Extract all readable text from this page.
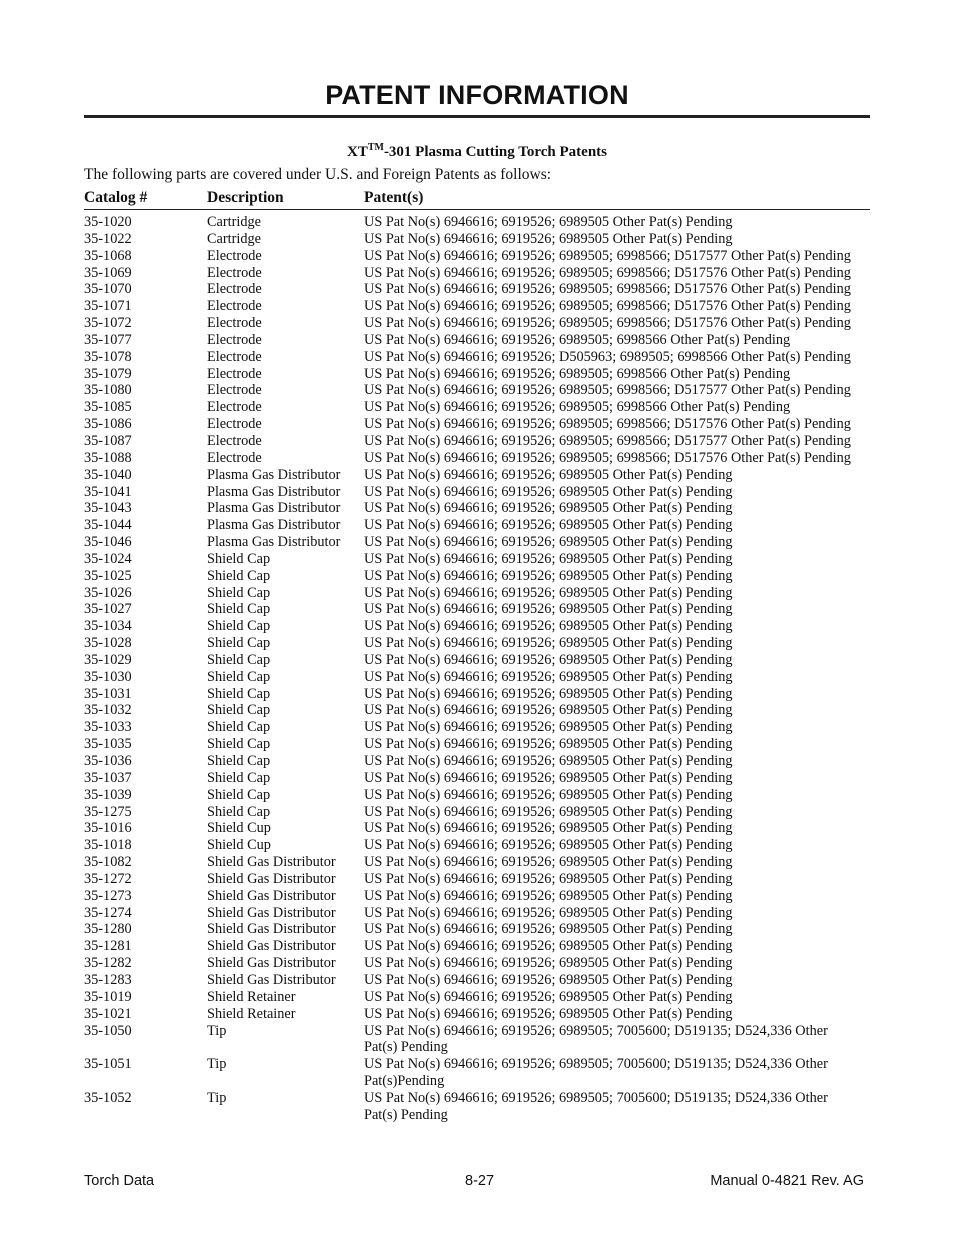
PATENT INFORMATION
XT™-301 Plasma Cutting Torch Patents
The following parts are covered under U.S. and Foreign Patents as follows:
Catalog #	Description	Patent(s)
35-1020	Cartridge	US Pat No(s) 6946616; 6919526; 6989505 Other Pat(s) Pending
35-1022	Cartridge	US Pat No(s) 6946616; 6919526; 6989505 Other Pat(s) Pending
35-1068	Electrode	US Pat No(s) 6946616; 6919526; 6989505; 6998566; D517577 Other Pat(s) Pending
35-1069	Electrode	US Pat No(s) 6946616; 6919526; 6989505; 6998566; D517576 Other Pat(s) Pending
35-1070	Electrode	US Pat No(s) 6946616; 6919526; 6989505; 6998566; D517576 Other Pat(s) Pending
35-1071	Electrode	US Pat No(s) 6946616; 6919526; 6989505; 6998566; D517576 Other Pat(s) Pending
35-1072	Electrode	US Pat No(s) 6946616; 6919526; 6989505; 6998566; D517576 Other Pat(s) Pending
35-1077	Electrode	US Pat No(s) 6946616; 6919526; 6989505; 6998566 Other Pat(s) Pending
35-1078	Electrode	US Pat No(s) 6946616; 6919526; D505963; 6989505; 6998566 Other Pat(s) Pending
35-1079	Electrode	US Pat No(s) 6946616; 6919526; 6989505; 6998566 Other Pat(s) Pending
35-1080	Electrode	US Pat No(s) 6946616; 6919526; 6989505; 6998566; D517577 Other Pat(s) Pending
35-1085	Electrode	US Pat No(s) 6946616; 6919526; 6989505; 6998566 Other Pat(s) Pending
35-1086	Electrode	US Pat No(s) 6946616; 6919526; 6989505; 6998566; D517576 Other Pat(s) Pending
35-1087	Electrode	US Pat No(s) 6946616; 6919526; 6989505; 6998566; D517577 Other Pat(s) Pending
35-1088	Electrode	US Pat No(s) 6946616; 6919526; 6989505; 6998566; D517576 Other Pat(s) Pending
35-1040	Plasma Gas Distributor US Pat No(s) 6946616; 6919526; 6989505 Other Pat(s) Pending
35-1041	Plasma Gas Distributor US Pat No(s) 6946616; 6919526; 6989505 Other Pat(s) Pending
35-1043	Plasma Gas Distributor US Pat No(s) 6946616; 6919526; 6989505 Other Pat(s) Pending
35-1044	Plasma Gas Distributor US Pat No(s) 6946616; 6919526; 6989505 Other Pat(s) Pending
35-1046	Plasma Gas Distributor US Pat No(s) 6946616; 6919526; 6989505 Other Pat(s) Pending
35-1024	Shield Cap	US Pat No(s) 6946616; 6919526; 6989505 Other Pat(s) Pending
35-1025	Shield Cap	US Pat No(s) 6946616; 6919526; 6989505 Other Pat(s) Pending
35-1026	Shield Cap	US Pat No(s) 6946616; 6919526; 6989505 Other Pat(s) Pending
35-1027	Shield Cap	US Pat No(s) 6946616; 6919526; 6989505 Other Pat(s) Pending
35-1034	Shield Cap	US Pat No(s) 6946616; 6919526; 6989505 Other Pat(s) Pending
35-1028	Shield Cap	US Pat No(s) 6946616; 6919526; 6989505 Other Pat(s) Pending
35-1029	Shield Cap	US Pat No(s) 6946616; 6919526; 6989505 Other Pat(s) Pending
35-1030	Shield Cap	US Pat No(s) 6946616; 6919526; 6989505 Other Pat(s) Pending
35-1031	Shield Cap	US Pat No(s) 6946616; 6919526; 6989505 Other Pat(s) Pending
35-1032	Shield Cap	US Pat No(s) 6946616; 6919526; 6989505 Other Pat(s) Pending
35-1033	Shield Cap	US Pat No(s) 6946616; 6919526; 6989505 Other Pat(s) Pending
35-1035	Shield Cap	US Pat No(s) 6946616; 6919526; 6989505 Other Pat(s) Pending
35-1036	Shield Cap	US Pat No(s) 6946616; 6919526; 6989505 Other Pat(s) Pending
35-1037	Shield Cap	US Pat No(s) 6946616; 6919526; 6989505 Other Pat(s) Pending
35-1039	Shield Cap	US Pat No(s) 6946616; 6919526; 6989505 Other Pat(s) Pending
35-1275	Shield Cap	US Pat No(s) 6946616; 6919526; 6989505 Other Pat(s) Pending
35-1016	Shield Cup	US Pat No(s) 6946616; 6919526; 6989505 Other Pat(s) Pending
35-1018	Shield Cup	US Pat No(s) 6946616; 6919526; 6989505 Other Pat(s) Pending
35-1082	Shield Gas Distributor US Pat No(s) 6946616; 6919526; 6989505 Other Pat(s) Pending
35-1272	Shield Gas Distributor US Pat No(s) 6946616; 6919526; 6989505 Other Pat(s) Pending
35-1273	Shield Gas Distributor US Pat No(s) 6946616; 6919526; 6989505 Other Pat(s) Pending
35-1274	Shield Gas Distributor US Pat No(s) 6946616; 6919526; 6989505 Other Pat(s) Pending
35-1280	Shield Gas Distributor US Pat No(s) 6946616; 6919526; 6989505 Other Pat(s) Pending
35-1281	Shield Gas Distributor US Pat No(s) 6946616; 6919526; 6989505 Other Pat(s) Pending
35-1282	Shield Gas Distributor US Pat No(s) 6946616; 6919526; 6989505 Other Pat(s) Pending
35-1283	Shield Gas Distributor US Pat No(s) 6946616; 6919526; 6989505 Other Pat(s) Pending
35-1019	Shield Retainer	US Pat No(s) 6946616; 6919526; 6989505 Other Pat(s) Pending
35-1021	Shield Retainer	US Pat No(s) 6946616; 6919526; 6989505 Other Pat(s) Pending
35-1050	Tip	US Pat No(s) 6946616; 6919526; 6989505; 7005600; D519135; D524,336 Other Pat(s) Pending
35-1051	Tip	US Pat No(s) 6946616; 6919526; 6989505; 7005600; D519135; D524,336 Other Pat(s)Pending
35-1052	Tip	US Pat No(s) 6946616; 6919526; 6989505; 7005600; D519135; D524,336 Other Pat(s) Pending
Torch Data	8-27	Manual 0-4821 Rev. AG
